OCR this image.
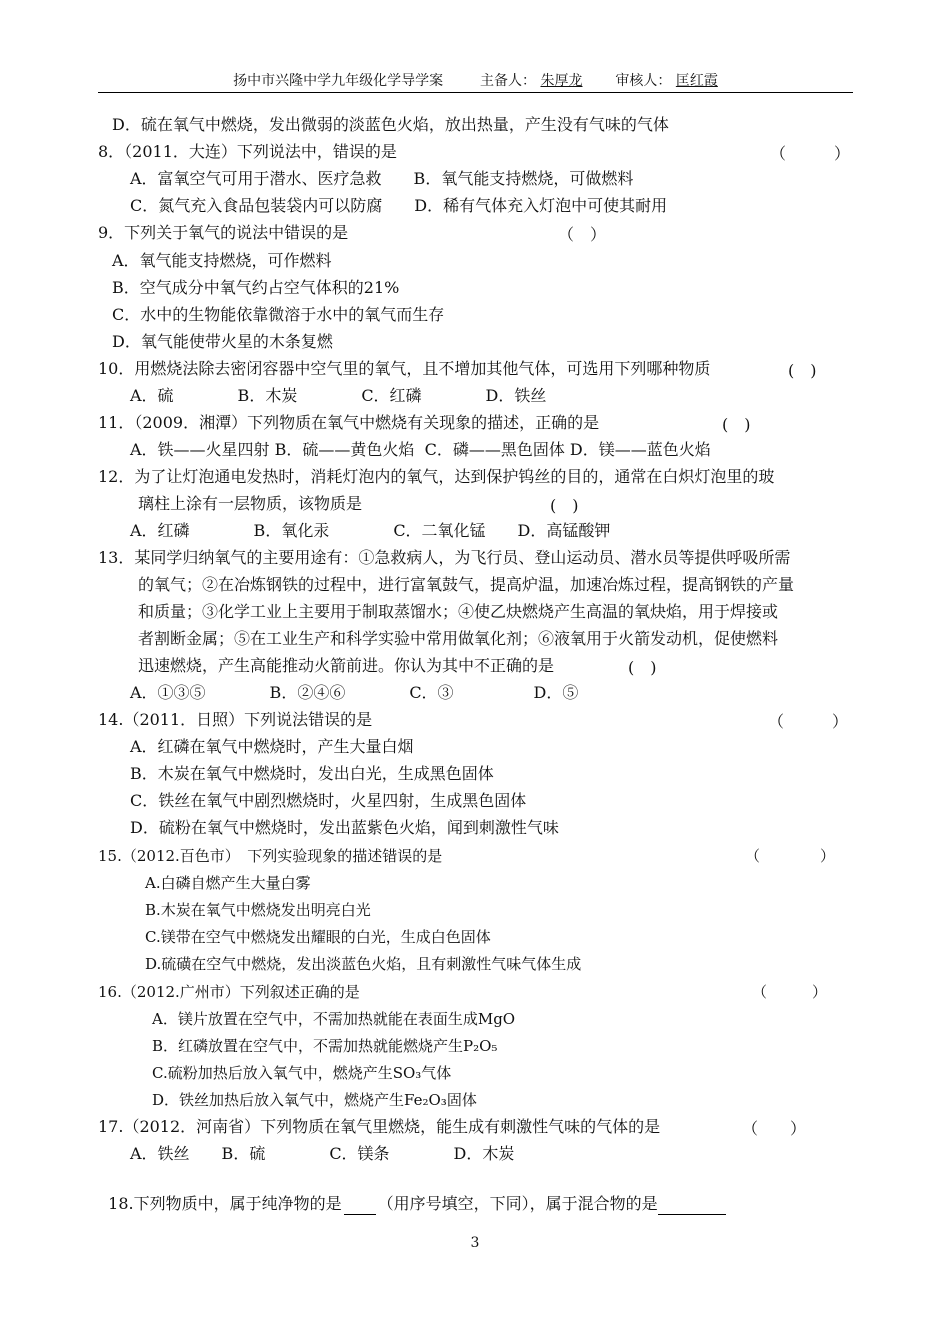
扬中市兴隆中学九年级化学导学案	主备人： 朱厚龙 审核人： 匡红霞
D．硫在氧气中燃烧，发出微弱的淡蓝色火焰，放出热量，产生没有气味的气体
8．（2011．大连）下列说法中，错误的是	（　　　）
A．富氧空气可用于潜水、医疗急救　　B．氧气能支持燃烧，可做燃料
C．氮气充入食品包装袋内可以防腐　　D．稀有气体充入灯泡中可使其耐用
9．下列关于氧气的说法中错误的是	（　）
A．氧气能支持燃烧，可作燃料
B．空气成分中氧气约占空气体积的21%
C．水中的生物能依靠微溶于水中的氧气而生存
D．氧气能使带火星的木条复燃
10．用燃烧法除去密闭容器中空气里的氧气，且不增加其他气体，可选用下列哪种物质	(　)
A．硫　　　　B．木炭　　　　C．红磷　　　　D．铁丝
11．（2009．湘潭）下列物质在氧气中燃烧有关现象的描述，正确的是	(　)
A．铁——火星四射 B．硫——黄色火焰  C．磷——黑色固体 D．镁——蓝色火焰
12．为了让灯泡通电发热时，消耗灯泡内的氧气，达到保护钨丝的目的，通常在白炽灯泡里的玻
璃柱上涂有一层物质，该物质是	(　)
A．红磷　　　　B．氧化汞　　　　C．二氧化锰　　D．高锰酸钾
13．某同学归纳氧气的主要用途有：①急救病人，为飞行员、登山运动员、潜水员等提供呼吸所需
的氧气；②在冶炼钢铁的过程中，进行富氧鼓气，提高炉温，加速冶炼过程，提高钢铁的产量
和质量；③化学工业上主要用于制取蒸馏水；④使乙炔燃烧产生高温的氧炔焰，用于焊接或
者割断金属；⑤在工业生产和科学实验中常用做氧化剂；⑥液氧用于火箭发动机，促使燃料
迅速燃烧，产生高能推动火箭前进。你认为其中不正确的是	(　)
A．①③⑤　　　　B．②④⑥　　　　C．③　　　　　D．⑤
14.（2011．日照）下列说法错误的是	（　　　）
A．红磷在氧气中燃烧时，产生大量白烟
B．木炭在氧气中燃烧时，发出白光，生成黑色固体
C．铁丝在氧气中剧烈燃烧时，火星四射，生成黑色固体
D．硫粉在氧气中燃烧时，发出蓝紫色火焰，闻到刺激性气味
15.（2012.百色市）　下列实验现象的描述错误的是	（　　　　）
A.白磷自燃产生大量白雾
B.木炭在氧气中燃烧发出明亮白光
C.镁带在空气中燃烧发出耀眼的白光，生成白色固体
D.硫磺在空气中燃烧，发出淡蓝色火焰，且有刺激性气味气体生成
16.（2012.广州市）下列叙述正确的是	（　　　）
A．镁片放置在空气中，不需加热就能在表面生成MgO
B．红磷放置在空气中，不需加热就能燃烧产生P₂O₅
C.硫粉加热后放入氧气中，燃烧产生SO₃气体
D．铁丝加热后放入氧气中，燃烧产生Fe₂O₃固体
17.（2012．河南省）下列物质在氧气里燃烧，能生成有刺激性气味的气体的是	（　　）
A．铁丝　　B．硫　　　　C．镁条　　　　D．木炭

18.下列物质中，属于纯净物的是 （用序号填空，下同），属于混合物的是

3
